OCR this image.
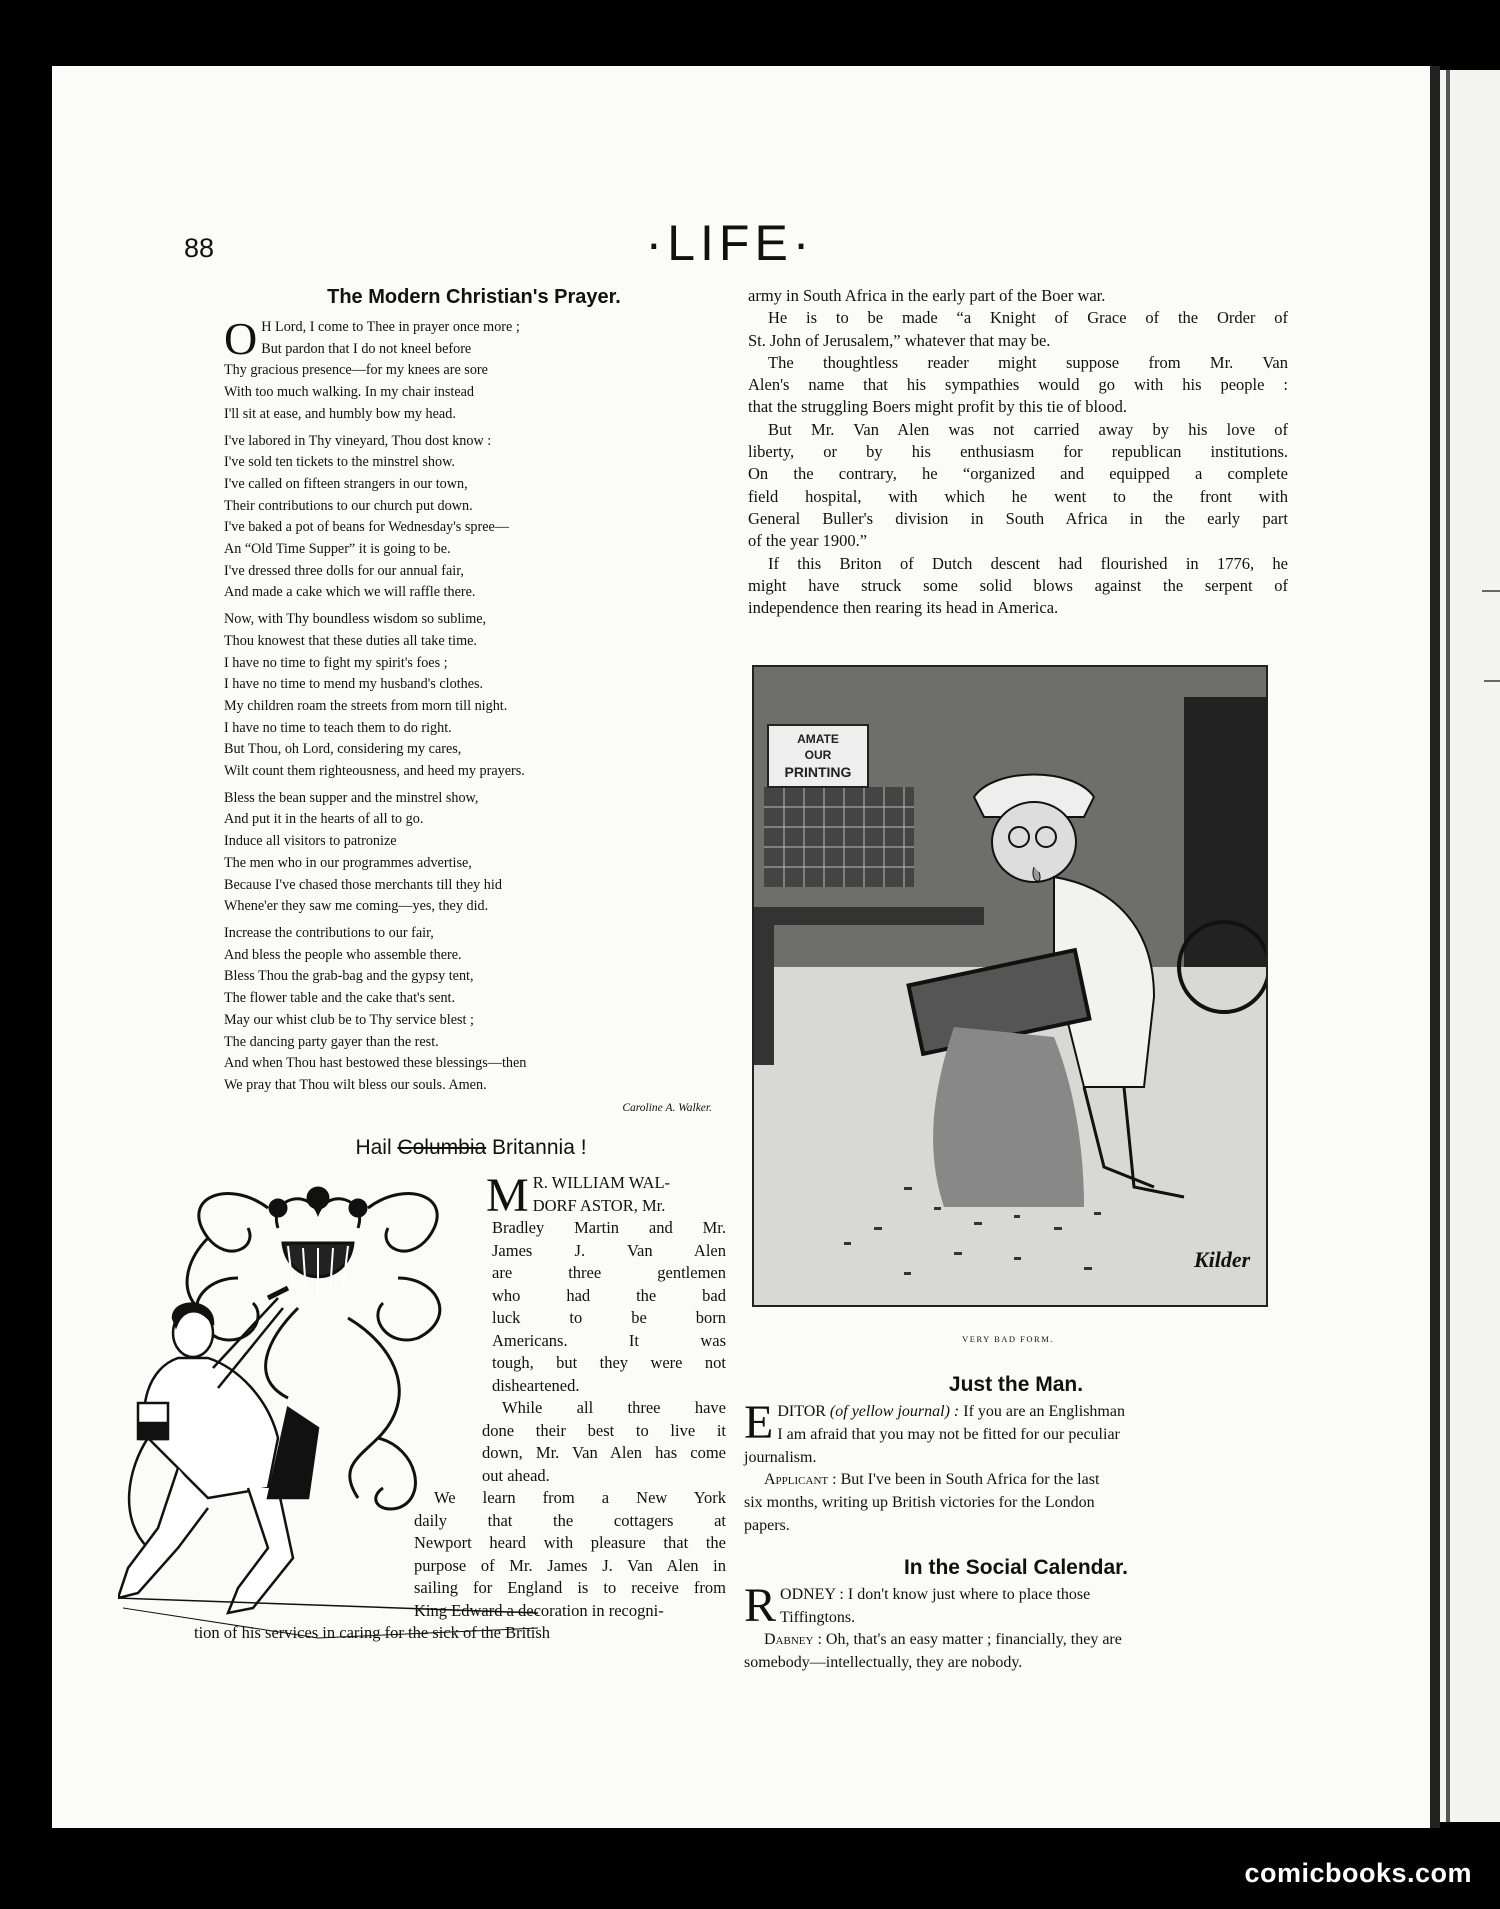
88	·LIFE·
The Modern Christian's Prayer.
O H Lord, I come to Thee in prayer once more ;

But pardon that I do not kneel before

Thy gracious presence—for my knees are sore

With too much walking. In my chair instead

I'll sit at ease, and humbly bow my head.

I've labored in Thy vineyard, Thou dost know :

I've sold ten tickets to the minstrel show.

I've called on fifteen strangers in our town,

Their contributions to our church put down.

I've baked a pot of beans for Wednesday's spree—

An “Old Time Supper” it is going to be.

I've dressed three dolls for our annual fair,

And made a cake which we will raffle there.

Now, with Thy boundless wisdom so sublime,

Thou knowest that these duties all take time.

I have no time to fight my spirit's foes ;

I have no time to mend my husband's clothes.

My children roam the streets from morn till night.

I have no time to teach them to do right.

But Thou, oh Lord, considering my cares,

Wilt count them righteousness, and heed my prayers.

Bless the bean supper and the minstrel show,

And put it in the hearts of all to go.

Induce all visitors to patronize

The men who in our programmes advertise,

Because I've chased those merchants till they hid

Whene'er they saw me coming—yes, they did.

Increase the contributions to our fair,

And bless the people who assemble there.

Bless Thou the grab-bag and the gypsy tent,

The flower table and the cake that's sent.

May our whist club be to Thy service blest ;

The dancing party gayer than the rest.

And when Thou hast bestowed these blessings—then

We pray that Thou wilt bless our souls. Amen.

Caroline A. Walker.
Hail Columbia Britannia !
M R. WILLIAM WAL-

DORF ASTOR, Mr.

Bradley Martin and Mr.

James J. Van Alen

are three gentlemen

who had the bad

luck to be born

Americans. It was

tough, but they were not

disheartened.

While all three have

done their best to live it

down, Mr. Van Alen has come

out ahead.

We learn from a New York

daily that the cottagers at

Newport heard with pleasure that the

purpose of Mr. James J. Van Alen in

sailing for England is to receive from

King Edward a decoration in recogni-

tion of his services in caring for the sick of the British

army in South Africa in the early part of the Boer war.

He is to be made “a Knight of Grace of the Order of

St. John of Jerusalem,” whatever that may be.

The thoughtless reader might suppose from Mr. Van

Alen's name that his sympathies would go with his people :

that the struggling Boers might profit by this tie of blood.

But Mr. Van Alen was not carried away by his love of

liberty, or by his enthusiasm for republican institutions.

On the contrary, he “organized and equipped a complete

field hospital, with which he went to the front with

General Buller's division in South Africa in the early part

of the year 1900.”

If this Briton of Dutch descent had flourished in 1776, he

might have struck some solid blows against the serpent of

independence then rearing its head in America.

AMATE
OUR
PRINTING
Kilder
VERY BAD FORM.
Just the Man.
E DITOR (of yellow journal) : If you are an Englishman

I am afraid that you may not be fitted for our peculiar

journalism.

Applicant : But I've been in South Africa for the last

six months, writing up British victories for the London

papers.

In the Social Calendar.
R ODNEY : I don't know just where to place those

Tiffingtons.

Dabney : Oh, that's an easy matter ; financially, they are

somebody—intellectually, they are nobody.

comicbooks.com
